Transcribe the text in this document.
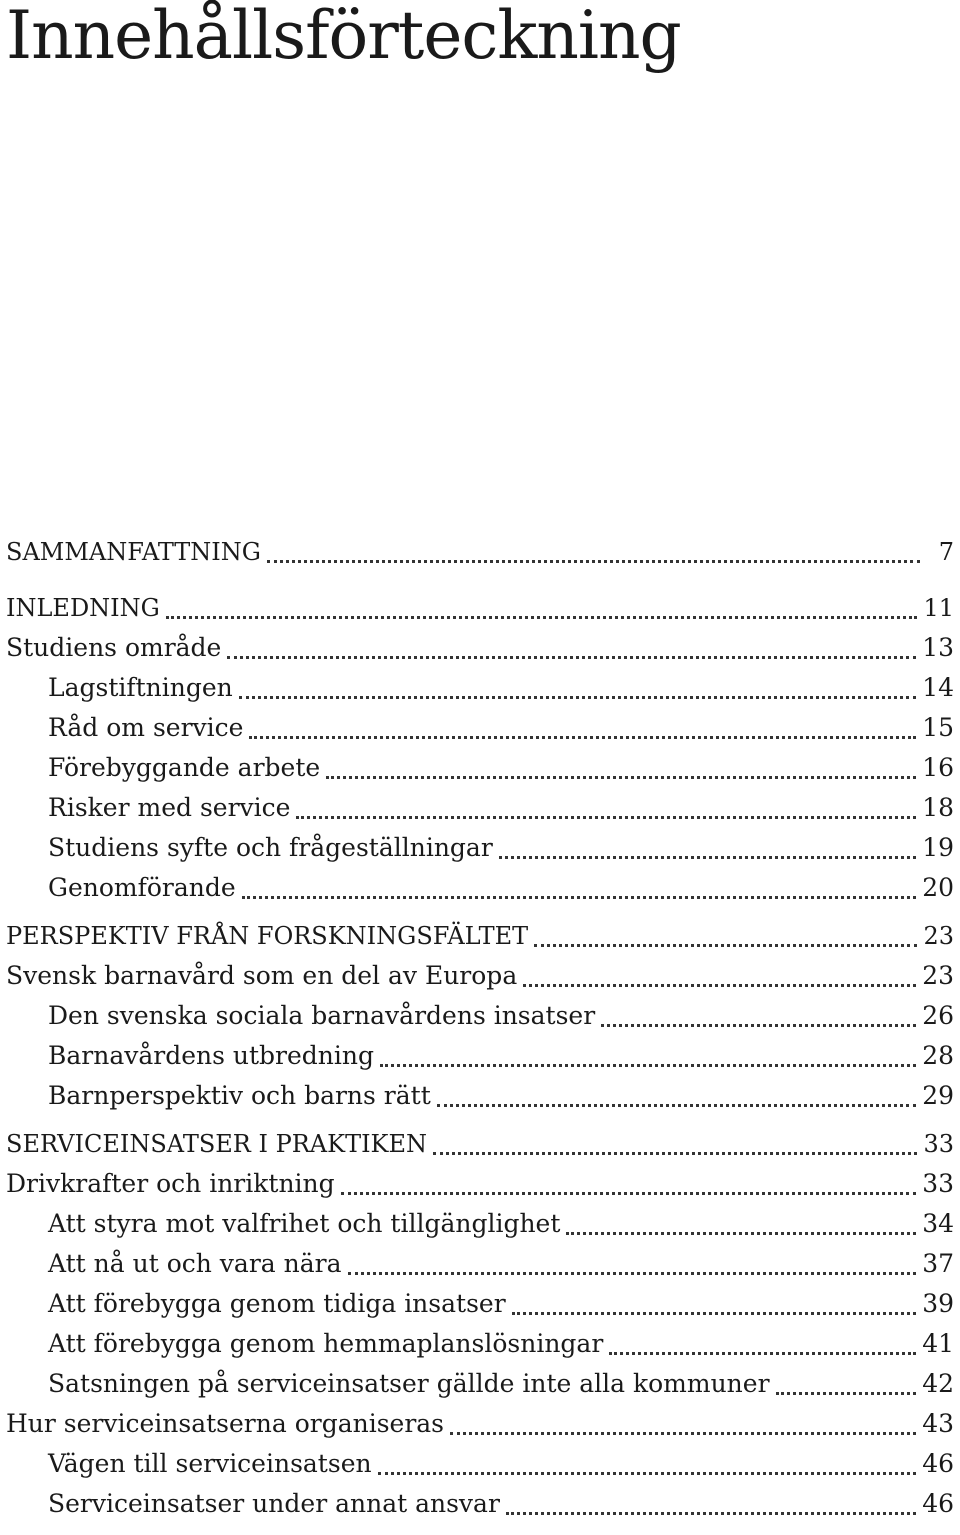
Innehållsförteckning
SAMMANFATTNING	7
INLEDNING	11
Studiens område	13
Lagstiftningen	14
Råd om service	15
Förebyggande arbete	16
Risker med service	18
Studiens syfte och frågeställningar	19
Genomförande	20
PERSPEKTIV FRÅN FORSKNINGSFÄLTET	23
Svensk barnavård som en del av Europa	23
Den svenska sociala barnavårdens insatser	26
Barnavårdens utbredning	28
Barnperspektiv och barns rätt	29
SERVICEINSATSER I PRAKTIKEN	33
Drivkrafter och inriktning	33
Att styra mot valfrihet och tillgänglighet	34
Att nå ut och vara nära	37
Att förebygga genom tidiga insatser	39
Att förebygga genom hemmaplanslösningar	41
Satsningen på serviceinsatser gällde inte alla kommuner	42
Hur serviceinsatserna organiseras	43
Vägen till serviceinsatsen	46
Serviceinsatser under annat ansvar	46
